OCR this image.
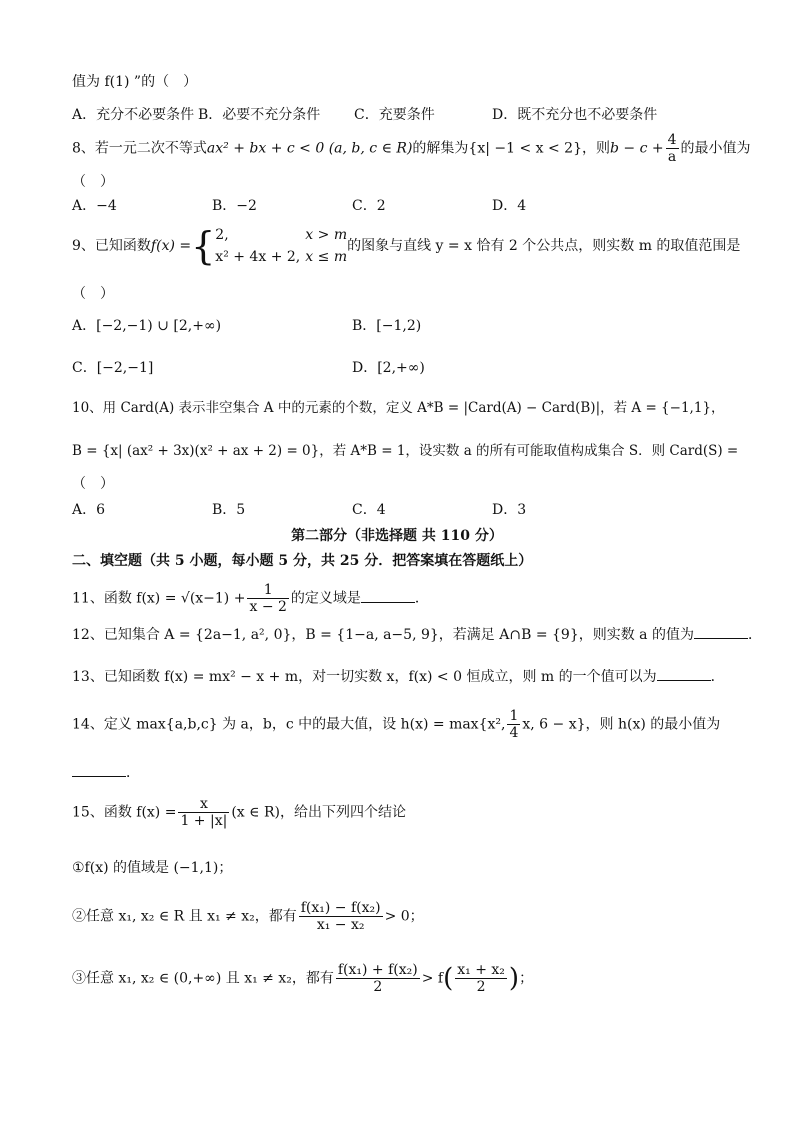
值为 f(1) ”的（　）
A．充分不必要条件 B．必要不充分条件 C．充要条件	D．既不充分也不必要条件
8、若一元二次不等式ax² + bx + c < 0 (a, b, c ∈ R)的解集为{x| −1 < x < 2}，则$b - c + \frac{4}{a}$ 的最小值为
（　）
A．−4	B．−2	C．2	D．4
9、已知函数f(x) ={ 2,	x > m
x² + 4x + 2, x ≤ m
的图象与直线 y = x 恰有 2 个公共点，则实数 m 的取值范围是
（　）
A．[−2,−1) ∪ [2,+∞)	B．[−1,2)
C．[−2,−1]	D．[2,+∞)
10、用 Card(A) 表示非空集合 A 中的元素的个数，定义 A*B = |Card(A) − Card(B)|，若 A = {−1,1}，
B = {x| (ax² + 3x)(x² + ax + 2) = 0}，若 A*B = 1，设实数 a 的所有可能取值构成集合 S．则 Card(S) =
（　）
A．6	B．5	C．4	D．3
第二部分（非选择题 共 110 分）
二、填空题（共 5 小题，每小题 5 分，共 25 分．把答案填在答题纸上）
11、函数 $f(x) = √(x-1) + \frac{1}{x - 2}$ 的定义域是	．
12、已知集合 A = {2a−1, a², 0}，B = {1−a, a−5, 9}，若满足 A∩B = {9}，则实数 a 的值为	．
13、已知函数 f(x) = mx² − x + m，对一切实数 x，f(x) < 0 恒成立，则 m 的一个值可以为	．
14、定义 max{a,b,c} 为 a，b，c 中的最大值，设 h(x) = max{x², $\frac{1}{4} x$, 6 − x}，则 h(x) 的最小值为
．
15、函数 $f(x) = \frac{x}{1 + |x|} (x$ ∈ R)，给出下列四个结论
①f(x) 的值域是 (−1,1)；
②任意 x₁, x₂ ∈ R 且 x₁ ≠ x₂，都有 $\frac{\text{f(x₁) − f(x₂)}}{\text{x₁ − x₂}} > 0$；
③任意 x₁, x₂ ∈ (0,+∞) 且 x₁ ≠ x₂，都有 $\frac{\text{f(x₁) + f(x₂)}}{2} > f( \frac{\text{x₁ + x₂}}{2}$ )；
